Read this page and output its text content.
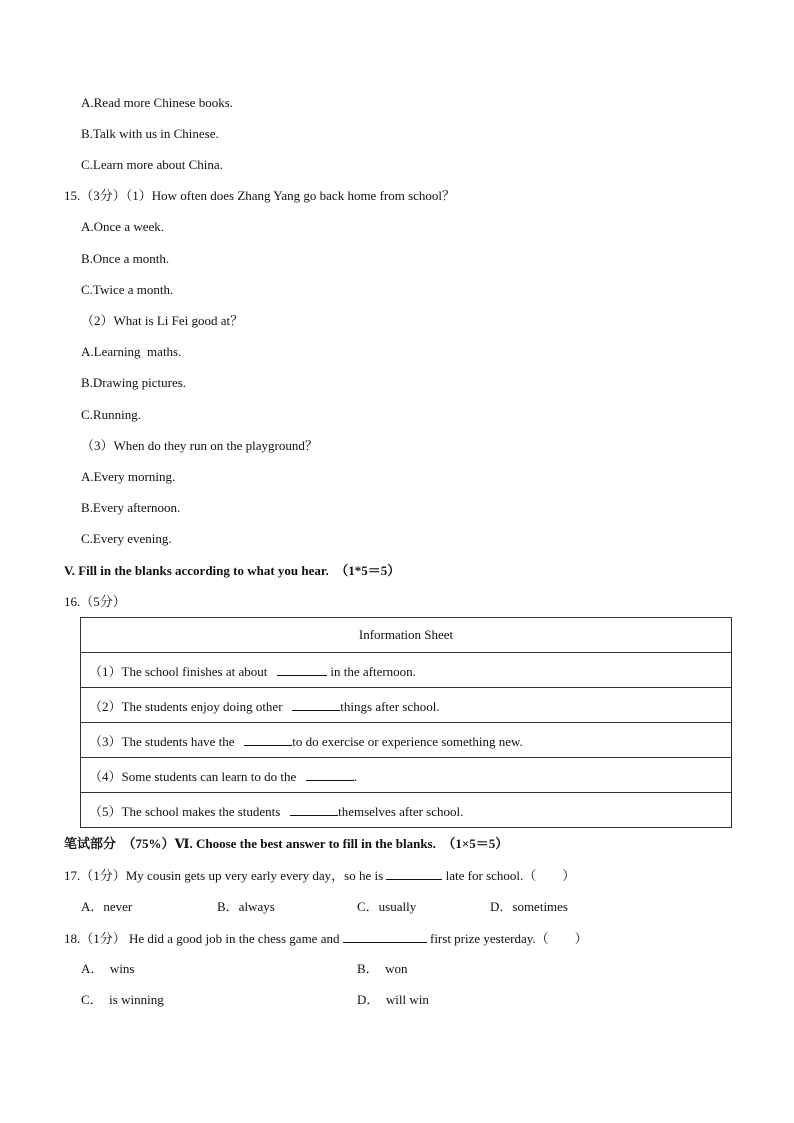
A.Read more Chinese books.
B.Talk with us in Chinese.
C.Learn more about China.
15.（3分）（1）How often does Zhang Yang go back home from school？
A.Once a week.
B.Once a month.
C.Twice a month.
（2）What is Li Fei good at？
A.Learning  maths.
B.Drawing pictures.
C.Running.
（3）When do they run on the playground？
A.Every morning.
B.Every afternoon.
C.Every evening.
V. Fill in the blanks according to what you hear.  （1*5＝5）
16.（5分）
Information Sheet
（1）The school finishes at about	in the afternoon.
（2）The students enjoy doing other	things after school.
（3）The students have the	to do exercise or experience something new.
（4）Some students can learn to do the	.
（5）The school makes the students	themselves after school.
笔试部分  （75%）Ⅵ. Choose the best answer to fill in the blanks.  （1×5＝5）
17.（1分）My cousin gets up very early every day，so he is	late for school.（        ）
A．never	B．always	C．usually	D．sometimes
18.（1分） He did a good job in the chess game and	first prize yesterday.（        ）
A．  wins	B．  won
C．  is winning	D．  will win
